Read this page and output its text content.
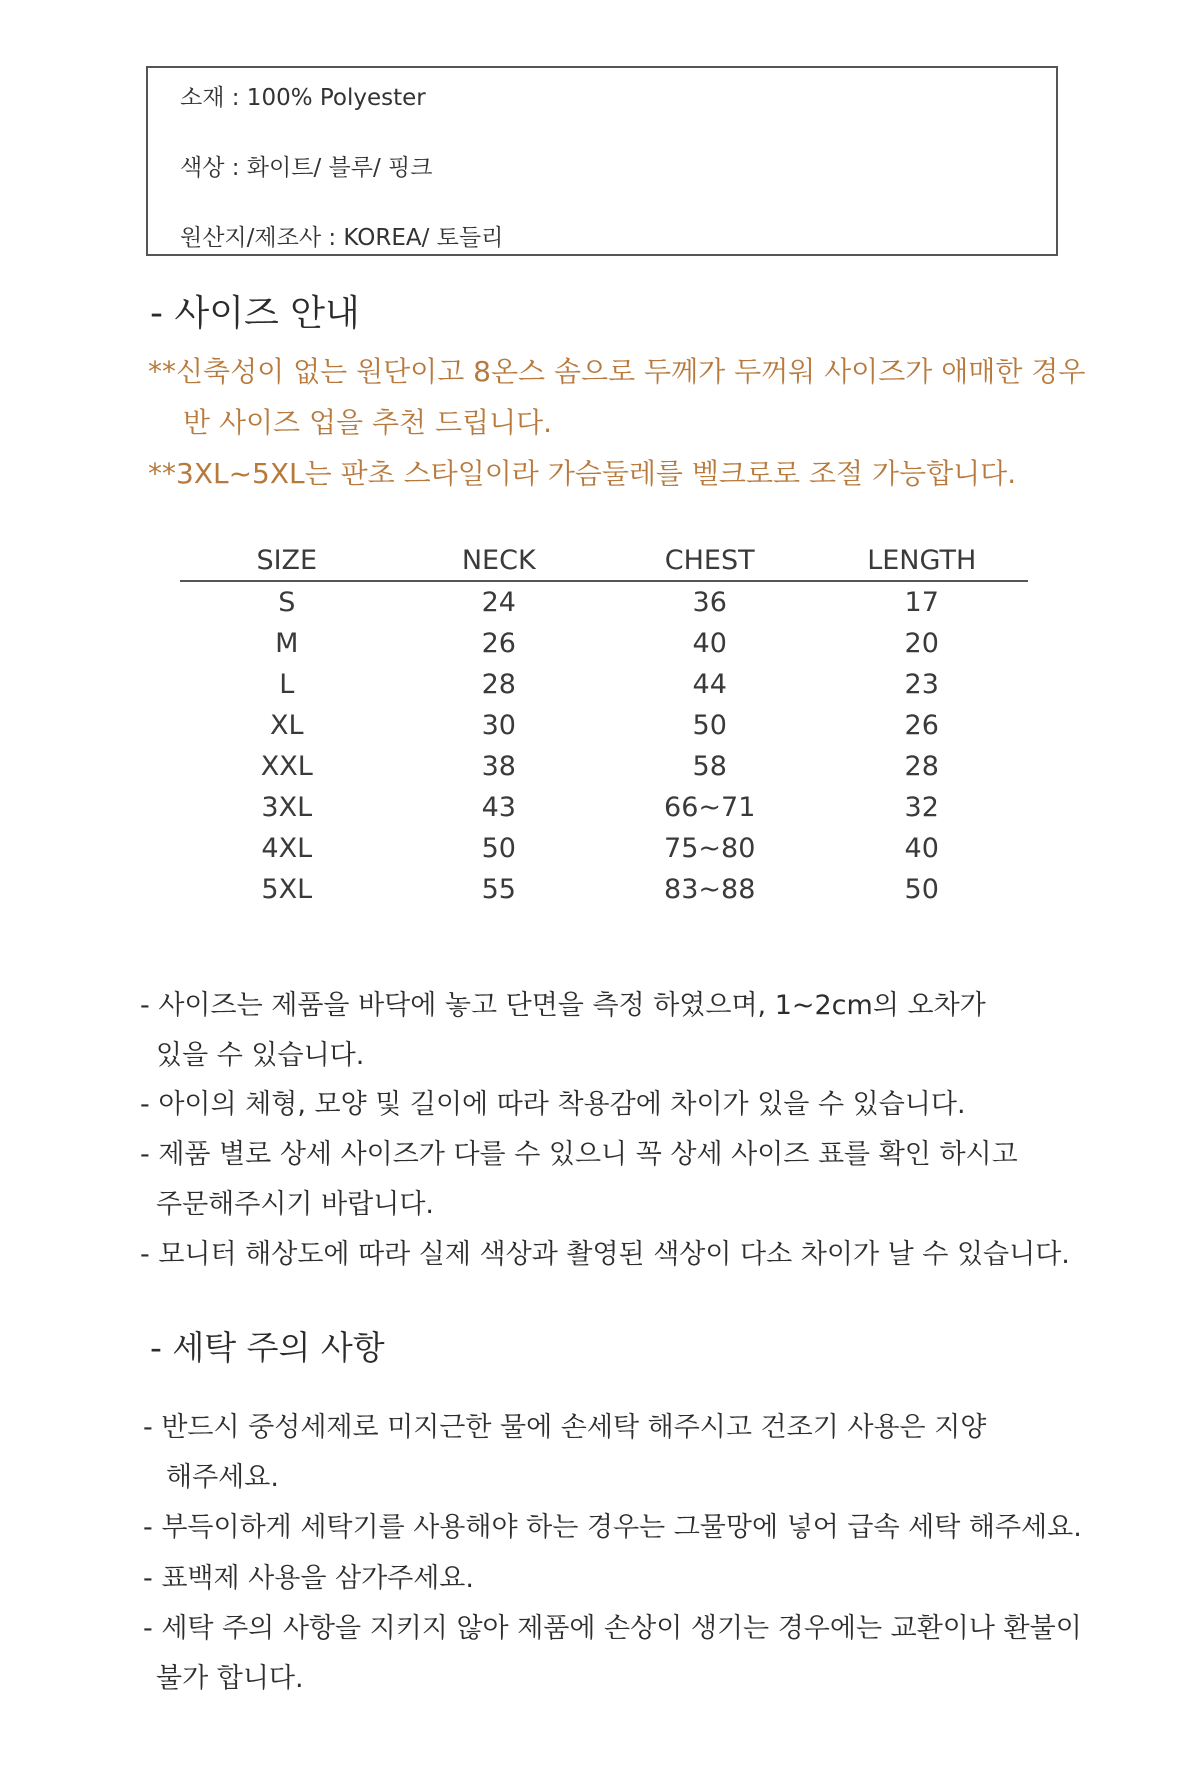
소재 : 100% Polyester
색상 : 화이트/ 블루/ 핑크
원산지/제조사 : KOREA/ 토들리
- 사이즈 안내
**신축성이 없는 원단이고 8온스 솜으로 두께가 두꺼워 사이즈가 애매한 경우
반 사이즈 업을 추천 드립니다.
**3XL~5XL는 판초 스타일이라 가슴둘레를 벨크로로 조절 가능합니다.
SIZE	NECK	CHEST	LENGTH
S	24	36	17
M	26	40	20
L	28	44	23
XL	30	50	26
XXL	38	58	28
3XL	43	66~71	32
4XL	50	75~80	40
5XL	55	83~88	50
- 사이즈는 제품을 바닥에 놓고 단면을 측정 하였으며, 1~2cm의 오차가
있을 수 있습니다.
- 아이의 체형, 모양 및 길이에 따라 착용감에 차이가 있을 수 있습니다.
- 제품 별로 상세 사이즈가 다를 수 있으니 꼭 상세 사이즈 표를 확인 하시고
주문해주시기 바랍니다.
- 모니터 해상도에 따라 실제 색상과 촬영된 색상이 다소 차이가 날 수 있습니다.
- 세탁 주의 사항
- 반드시 중성세제로 미지근한 물에 손세탁 해주시고 건조기 사용은 지양
해주세요.
- 부득이하게 세탁기를 사용해야 하는 경우는 그물망에 넣어 급속 세탁 해주세요.
- 표백제 사용을 삼가주세요.
- 세탁 주의 사항을 지키지 않아 제품에 손상이 생기는 경우에는 교환이나 환불이
불가 합니다.
